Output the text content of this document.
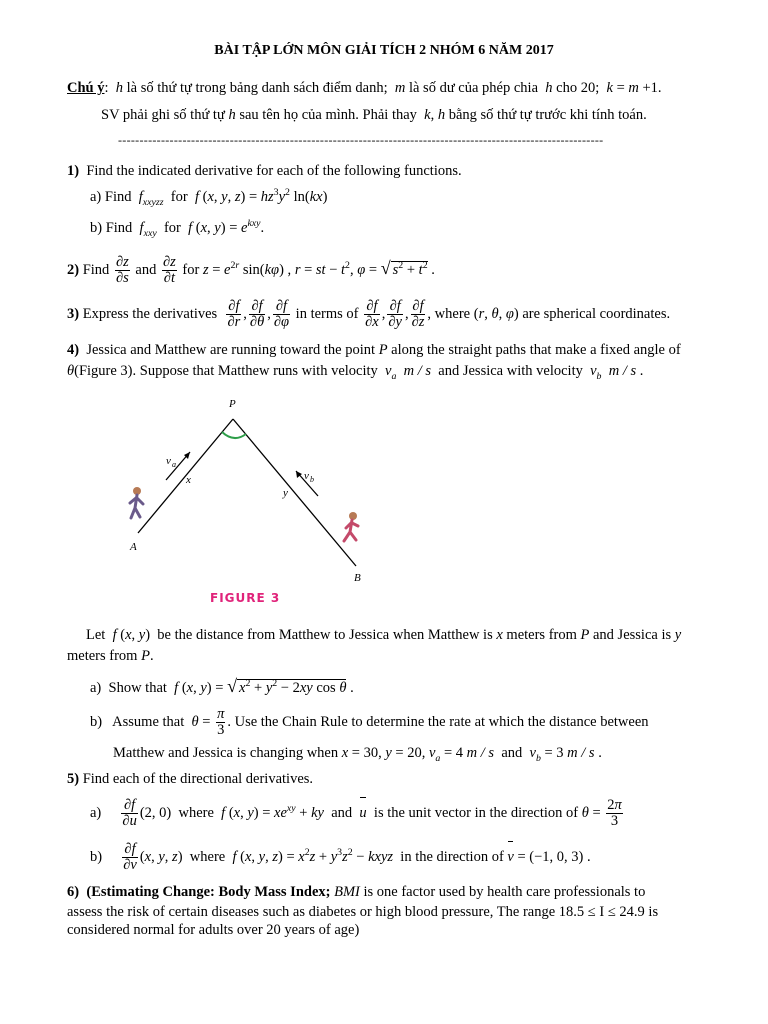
BÀI TẬP LỚN MÔN GIẢI TÍCH 2 NHÓM 6 NĂM 2017
Chú ý:  h là số thứ tự trong bảng danh sách điểm danh;  m là số dư của phép chia  h cho 20;  k = m +1.
SV phải ghi số thứ tự h sau tên họ của mình. Phải thay  k, h bằng số thứ tự trước khi tính toán.
-----------------------------------------------------------------------------------------------------------------
1) Find the indicated derivative for each of the following functions.
a) Find $f_{xxyzz}$ for f (x, y, $z) = hz^3y^2$ ln(kx)
b) Find $f_{xxy}$ for f (x, $y) = e^{kxy}$.
2) Find $\frac{\partial z}{\partial s}$ and $\frac{\partial z}{\partial t}$ for $z = e^{2r}$ sin(kφ) , r = st − $t^2$, φ = √ $s^2 + t^2$ .
3) Express the derivatives $\frac{\partial f}{\partial r}$ , $\frac{\partial f}{\partial\theta}$ , $\frac{\partial f}{\partial\varphi}$ in terms of $\frac{\partial f}{\partial x}$ , $\frac{\partial f}{\partial y}$ , $\frac{\partial f}{\partial z}$ , where (r, θ, φ) are spherical coordinates.
4) Jessica and Matthew are running toward the point P along the straight paths that make a fixed angle of
θ(Figure 3). Suppose that Matthew runs with velocity $v_a$ m / s and Jessica with velocity $v_b$ m / s .
P
A
B
x
y
v a
v b
FIGURE 3
Let f (x, y)  be the distance from Matthew to Jessica when Matthew is x meters from P and Jessica is y
meters from P.
a) Show that f (x, y) = √ $x^2 + y^2 - 2xy$ cos θ .
b) Assume that $\theta = \frac{\pi}{3}$ . Use the Chain Rule to determine the rate at which the distance between
Matthew and Jessica is changing when x = 30, y = 20, $v_a = 4$ m / s and $v_b = 3$ m / s .
5) Find each of the directional derivatives.
$a) \frac{\partial f}{\partial u} (2$, 0)  where f (x, $y) = xe^{xy}$ + ky and u is the unit vector in the direction of $\theta = \frac{2\pi}{3}$
$b) \frac{\partial f}{\partial v} (x$, y, z)  where f (x, y, $z) = x^2z + y^3z^2$ − kxyz in the direction of v = (−1, 0, 3) .
6) (Estimating Change: Body Mass Index; BMI is one factor used by health care professionals to
assess the risk of certain diseases such as diabetes or high blood pressure, The range 18.5 ≤ I ≤ 24.9 is
considered normal for adults over 20 years of age)
